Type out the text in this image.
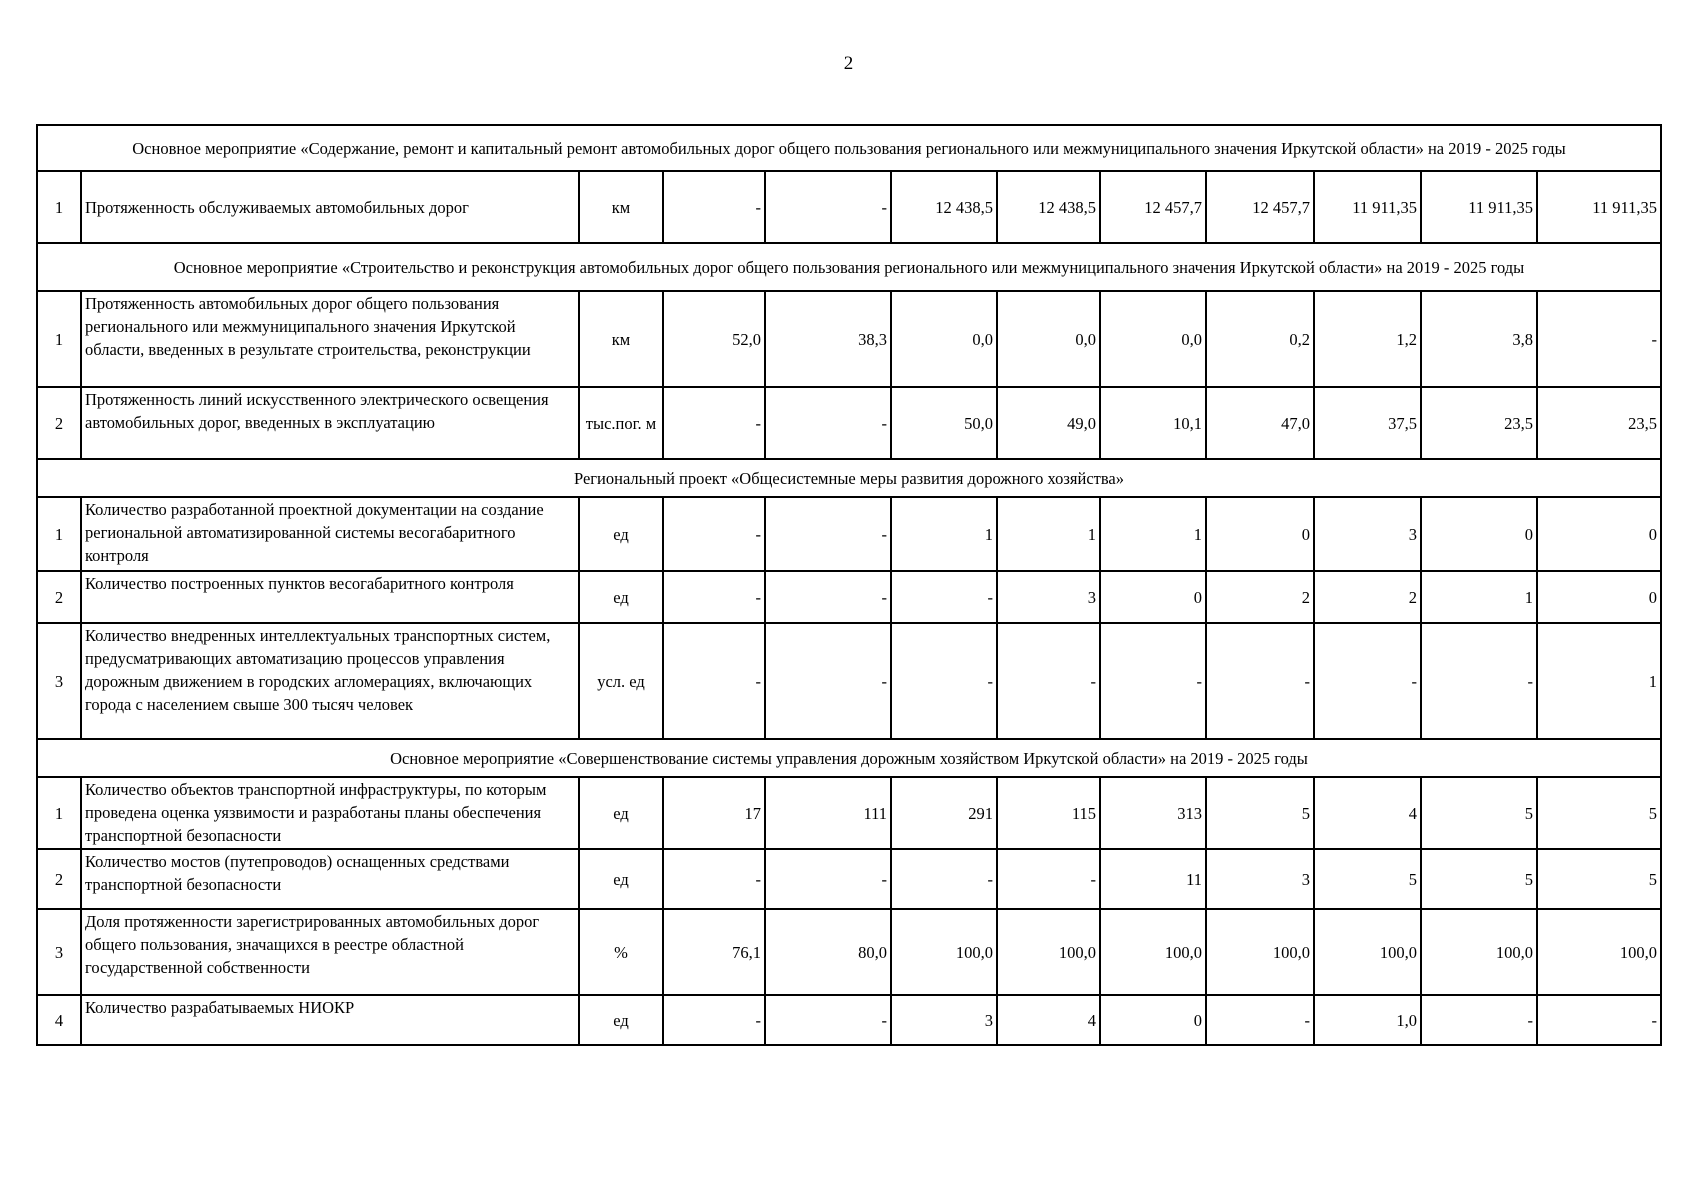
2
Основное мероприятие «Содержание, ремонт и капитальный ремонт автомобильных дорог общего пользования регионального или межмуниципального значения Иркутской области» на 2019 - 2025 годы											
1	Протяженность обслуживаемых автомобильных дорог	км	-	-	12 438,5	12 438,5	12 457,7	12 457,7	11 911,35	11 911,35	11 911,35
Основное мероприятие «Строительство и реконструкция автомобильных дорог общего пользования регионального или межмуниципального значения Иркутской области» на 2019 - 2025 годы											
1	Протяженность автомобильных дорог общего пользования регионального или межмуниципального значения Иркутской области, введенных в результате строительства, реконструкции	км	52,0	38,3	0,0	0,0	0,0	0,2	1,2	3,8	-
2	Протяженность линий искусственного электрического освещения автомобильных дорог, введенных в эксплуатацию	тыс.пог. м	-	-	50,0	49,0	10,1	47,0	37,5	23,5	23,5
Региональный проект «Общесистемные меры развития дорожного хозяйства»											
1	Количество разработанной проектной документации на создание региональной автоматизированной системы весогабаритного контроля	ед	-	-	1	1	1	0	3	0	0
2	Количество построенных пунктов весогабаритного контроля	ед	-	-	-	3	0	2	2	1	0
3	Количество внедренных интеллектуальных транспортных систем, предусматривающих автоматизацию процессов управления дорожным движением в городских агломерациях, включающих города с населением свыше 300 тысяч человек	усл. ед	-	-	-	-	-	-	-	-	1
Основное мероприятие «Совершенствование системы управления дорожным хозяйством Иркутской области» на 2019 - 2025 годы											
1	Количество объектов транспортной инфраструктуры, по которым проведена оценка уязвимости и разработаны планы обеспечения транспортной безопасности	ед	17	111	291	115	313	5	4	5	5
2	Количество мостов (путепроводов) оснащенных средствами транспортной безопасности	ед	-	-	-	-	11	3	5	5	5
3	Доля протяженности зарегистрированных автомобильных дорог общего пользования, значащихся в реестре областной государственной собственности	%	76,1	80,0	100,0	100,0	100,0	100,0	100,0	100,0	100,0
4	Количество разрабатываемых НИОКР	ед	-	-	3	4	0	-	1,0	-	-
